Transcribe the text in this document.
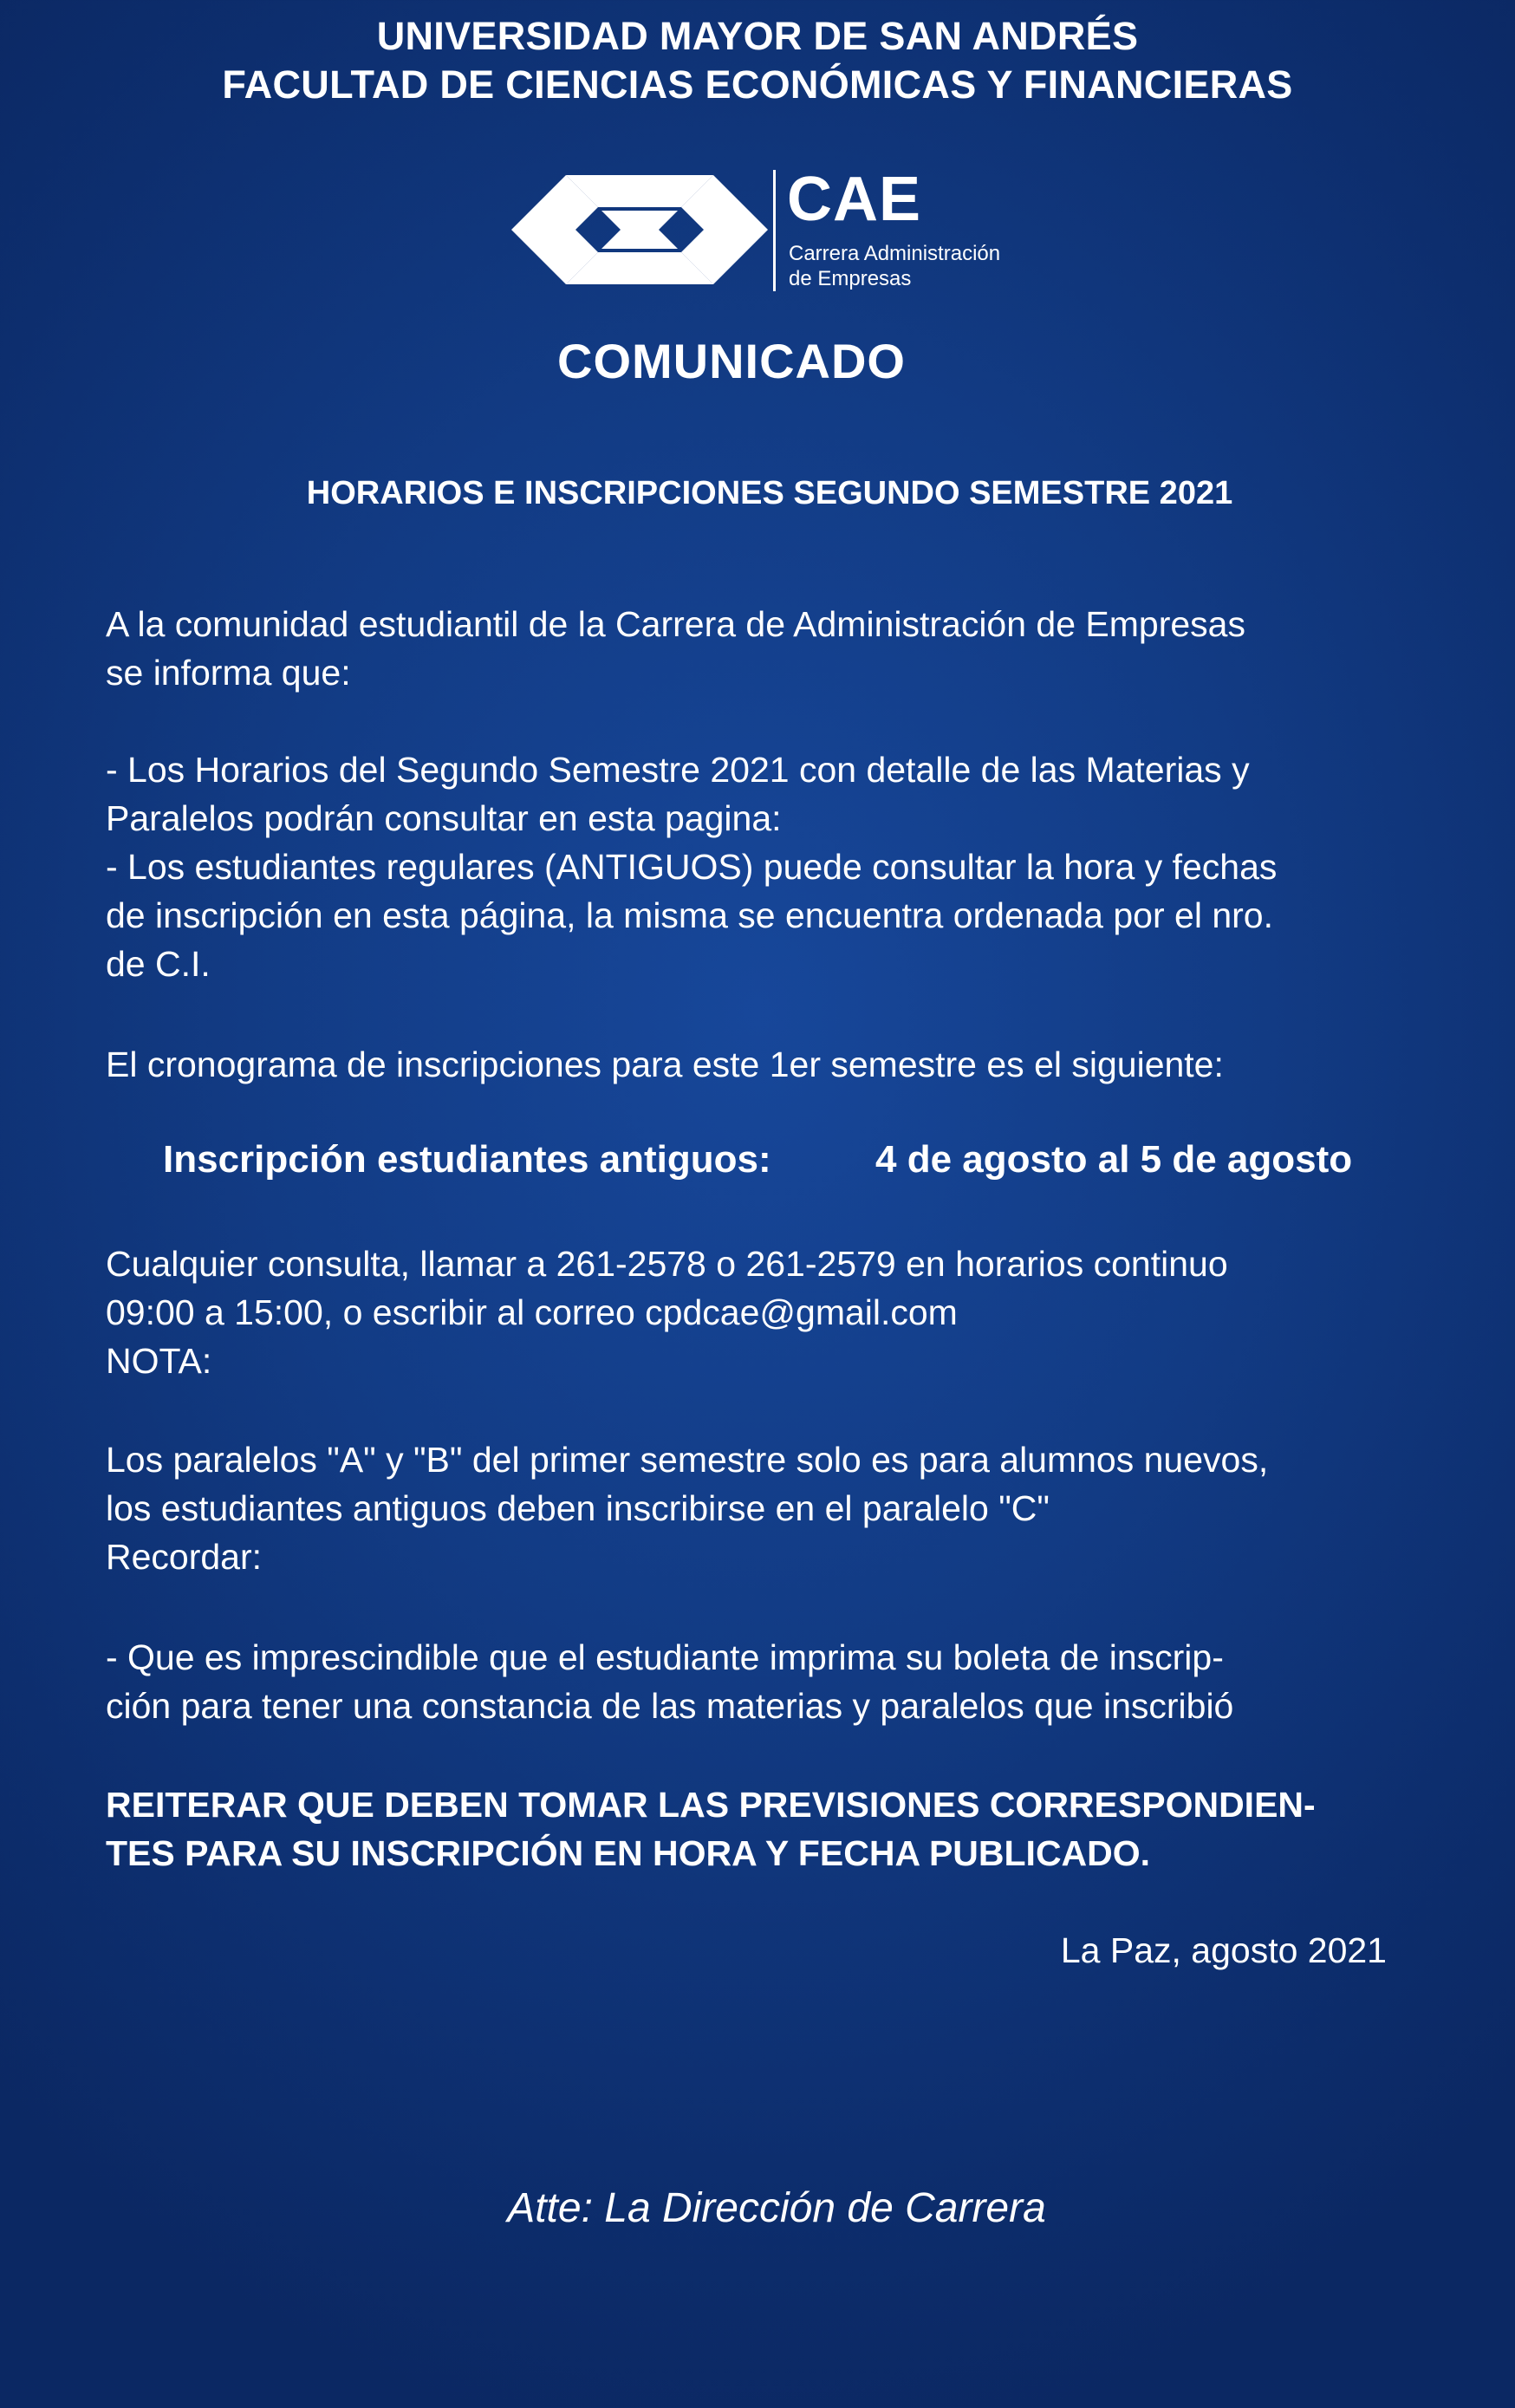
UNIVERSIDAD MAYOR DE SAN ANDRÉS
FACULTAD DE CIENCIAS ECONÓMICAS Y FINANCIERAS
CAE
Carrera Administración
de Empresas
COMUNICADO
HORARIOS E INSCRIPCIONES SEGUNDO SEMESTRE 2021

A la comunidad estudiantil de la Carrera de Administración de Empresas

se informa que:

- Los Horarios del Segundo Semestre 2021 con detalle de las Materias y

Paralelos podrán consultar en esta pagina:

- Los estudiantes regulares (ANTIGUOS) puede consultar la hora y fechas

de inscripción en esta página, la misma se encuentra ordenada por el nro.

de C.I.

El cronograma de inscripciones para este 1er semestre es el siguiente:

Inscripción estudiantes antiguos:	4 de agosto al 5 de agosto

Cualquier consulta, llamar a 261-2578 o 261-2579 en horarios continuo

09:00 a 15:00, o escribir al correo cpdcae@gmail.com

NOTA:

Los paralelos "A" y "B" del primer semestre solo es para alumnos nuevos,

los estudiantes antiguos deben inscribirse en el paralelo "C"

Recordar:

- Que es imprescindible que el estudiante imprima su boleta de inscrip-

ción para tener una constancia de las materias y paralelos que inscribió

REITERAR QUE DEBEN TOMAR LAS PREVISIONES CORRESPONDIEN-

TES PARA SU INSCRIPCIÓN EN HORA Y FECHA PUBLICADO.

La Paz, agosto 2021
Atte: La Dirección de Carrera
